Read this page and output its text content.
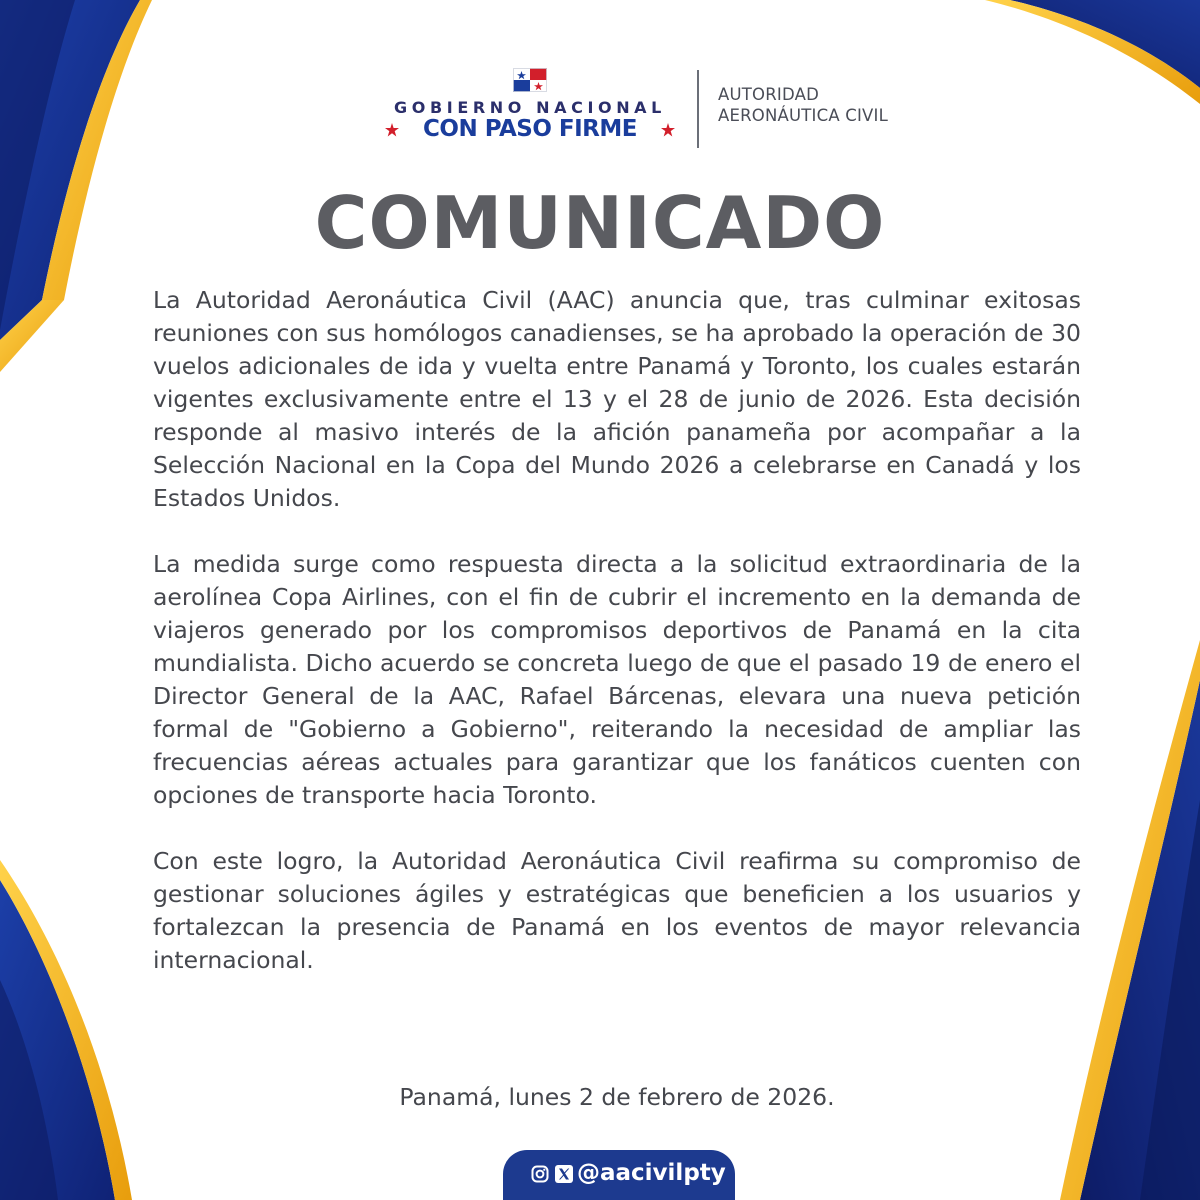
GOBIERNO NACIONAL
CON PASO FIRME
AUTORIDAD
AERONÁUTICA CIVIL
COMUNICADO

La Autoridad Aeronáutica Civil (AAC) anuncia que, tras culminar exitosas reuniones con sus homólogos canadienses, se ha aprobado la operación de 30 vuelos adicionales de ida y vuelta entre Panamá y Toronto, los cuales estarán vigentes exclusivamente entre el 13 y el 28 de junio de 2026. Esta decisión responde al masivo interés de la afición panameña por acompañar a la Selección Nacional en la Copa del Mundo 2026 a celebrarse en Canadá y los Estados Unidos.

La medida surge como respuesta directa a la solicitud extraordinaria de la aerolínea Copa Airlines, con el fin de cubrir el incremento en la demanda de viajeros generado por los compromisos deportivos de Panamá en la cita mundialista. Dicho acuerdo se concreta luego de que el pasado 19 de enero el Director General de la AAC, Rafael Bárcenas, elevara una nueva petición formal de "Gobierno a Gobierno", reiterando la necesidad de ampliar las frecuencias aéreas actuales para garantizar que los fanáticos cuenten con opciones de transporte hacia Toronto.

Con este logro, la Autoridad Aeronáutica Civil reafirma su compromiso de gestionar soluciones ágiles y estratégicas que beneficien a los usuarios y fortalezcan la presencia de Panamá en los eventos de mayor relevancia internacional.

Panamá, lunes 2 de febrero de 2026.
@aacivilpty
